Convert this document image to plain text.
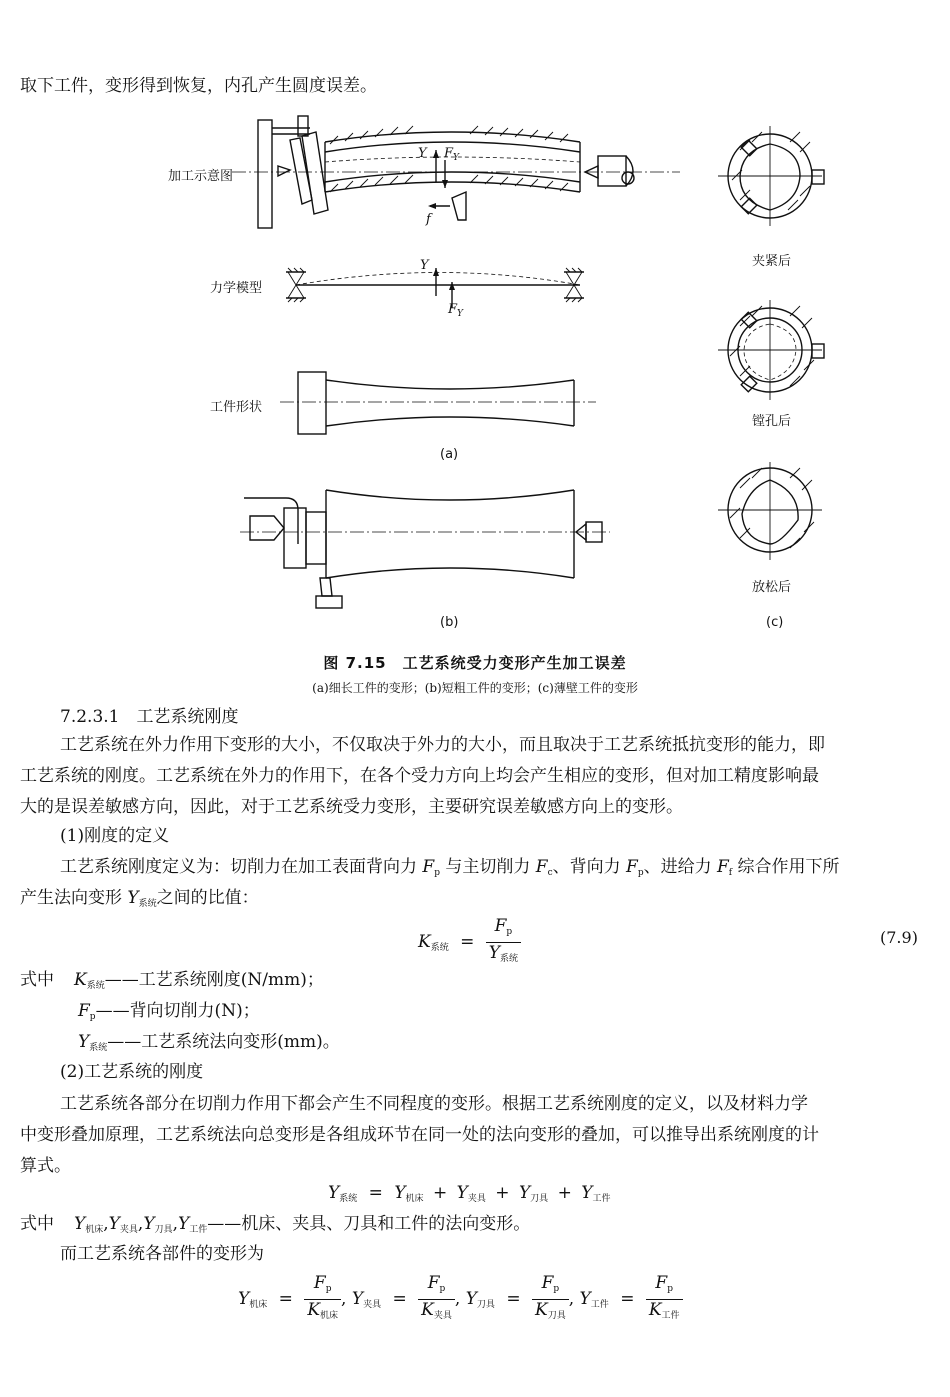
取下工件，变形得到恢复，内孔产生圆度误差。
加工示意图
力学模型
工件形状
夹紧后
镗孔后
放松后
Y $F_Y$
f
Y
$F_Y$
(a)
(b)	(c)
图 7.15　工艺系统受力变形产生加工误差
(a)细长工件的变形；(b)短粗工件的变形；(c)薄壁工件的变形
7.2.3.1　工艺系统刚度
工艺系统在外力作用下变形的大小，不仅取决于外力的大小，而且取决于工艺系统抵抗变形的能力，即
工艺系统的刚度。工艺系统在外力的作用下，在各个受力方向上均会产生相应的变形，但对加工精度影响最
大的是误差敏感方向，因此，对于工艺系统受力变形，主要研究误差敏感方向上的变形。
(1)刚度的定义
工艺系统刚度定义为：切削力在加工表面背向力 $F_p$ 与主切削力 $F_c$、背向力 $F_p$、进给力 $F_f$ 综合作用下所
产生法向变形 $Y_{系统}$之间的比值：
$K_{系统} = \frac{F_p}{Y_{系统}}$	(7.9)
式中 $K_{系统}——$工艺系统刚度(N/mm)；
$F_p——$背向切削力(N)；
$Y_{系统}——$工艺系统法向变形(mm)。
(2)工艺系统的刚度
工艺系统各部分在切削力作用下都会产生不同程度的变形。根据工艺系统刚度的定义，以及材料力学
中变形叠加原理，工艺系统法向总变形是各组成环节在同一处的法向变形的叠加，可以推导出系统刚度的计
算式。
$Y_{系统} = Y_{机床} + Y_{夹具} + Y_{刀具} + Y_{工件}$
式中 $Y_{机床},Y_{夹具},Y_{刀具},Y_{工件}——$机床、夹具、刀具和工件的法向变形。
而工艺系统各部件的变形为
$Y_{机床} = \frac{F_p}{K_{机床}}$ , $Y_{夹具} = \frac{F_p}{K_{夹具}}$ , $Y_{刀具} = \frac{F_p}{K_{刀具}}$ , $Y_{工件} = \frac{F_p}{K_{工件}}$
